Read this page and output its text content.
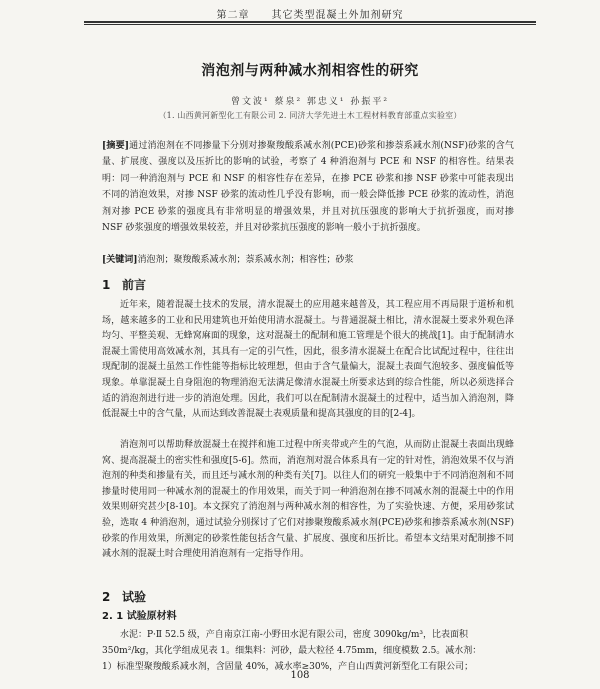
第二章 其它类型混凝土外加剂研究
消泡剂与两种减水剂相容性的研究
曾文波¹ 蔡泉² 郭忠义¹ 孙振平²
（1. 山西黄河新型化工有限公司 2. 同济大学先进土木工程材料教育部重点实验室）

[摘要]通过消泡剂在不同掺量下分别对掺聚羧酸系减水剂(PCE)砂浆和掺萘系减水剂(NSF)砂浆的含气量、扩展度、强度以及压折比的影响的试验，考察了 4 种消泡剂与 PCE 和 NSF 的相容性。结果表明：同一种消泡剂与 PCE 和 NSF 的相容性存在差异，在掺 PCE 砂浆和掺 NSF 砂浆中可能表现出不同的消泡效果，对掺 NSF 砂浆的流动性几乎没有影响，而一般会降低掺 PCE 砂浆的流动性，消泡剂对掺 PCE 砂浆的强度具有非常明显的增强效果，并且对抗压强度的影响大于抗折强度，而对掺 NSF 砂浆强度的增强效果较差，并且对砂浆抗压强度的影响一般小于抗折强度。

[关键词]消泡剂；聚羧酸系减水剂；萘系减水剂；相容性；砂浆

1 前言

近年来，随着混凝土技术的发展，清水混凝土的应用越来越普及，其工程应用不再局限于道桥和机场，越来越多的工业和民用建筑也开始使用清水混凝土。与普通混凝土相比，清水混凝土要求外观色泽均匀、平整美观、无蜂窝麻面的现象，这对混凝土的配制和施工管理是个很大的挑战[1]。由于配制清水混凝土需使用高效减水剂，其具有一定的引气性，因此，很多清水混凝土在配合比试配过程中，往往出现配制的混凝土虽然工作性能等指标比较理想，但由于含气量偏大，混凝土表面气泡较多、强度偏低等现象。单靠混凝土自身阻泡的物理消泡无法满足像清水混凝土所要求达到的综合性能，所以必须选择合适的消泡剂进行进一步的消泡处理。因此，我们可以在配制清水混凝土的过程中，适当加入消泡剂，降低混凝土中的含气量，从而达到改善混凝土表观质量和提高其强度的目的[2-4]。

消泡剂可以帮助释放混凝土在搅拌和施工过程中所夹带或产生的气泡，从而防止混凝土表面出现蜂窝、提高混凝土的密实性和强度[5-6]。然而，消泡剂对混合体系具有一定的针对性，消泡效果不仅与消泡剂的种类和掺量有关，而且还与减水剂的种类有关[7]。以往人们的研究一般集中于不同消泡剂和不同掺量时使用同一种减水剂的混凝土的作用效果，而关于同一种消泡剂在掺不同减水剂的混凝土中的作用效果则研究甚少[8-10]。本文探究了消泡剂与两种减水剂的相容性，为了实验快速、方便，采用砂浆试验，选取 4 种消泡剂，通过试验分别探讨了它们对掺聚羧酸系减水剂(PCE)砂浆和掺萘系减水剂(NSF)砂浆的作用效果，所测定的砂浆性能包括含气量、扩展度、强度和压折比。希望本文结果对配制掺不同减水剂的混凝土时合理使用消泡剂有一定指导作用。

2 试验
2. 1 试验原材料
水泥：P·Ⅱ 52.5 级，产自南京江南-小野田水泥有限公司，密度 3090kg/m³，比表面积
350m²/kg，其化学组成见表 1。细集料：河砂，最大粒径 4.75mm，细度模数 2.5。减水剂：
1）标准型聚羧酸系减水剂，含固量 40%，减水率≥30%，产自山西黄河新型化工有限公司；
108
